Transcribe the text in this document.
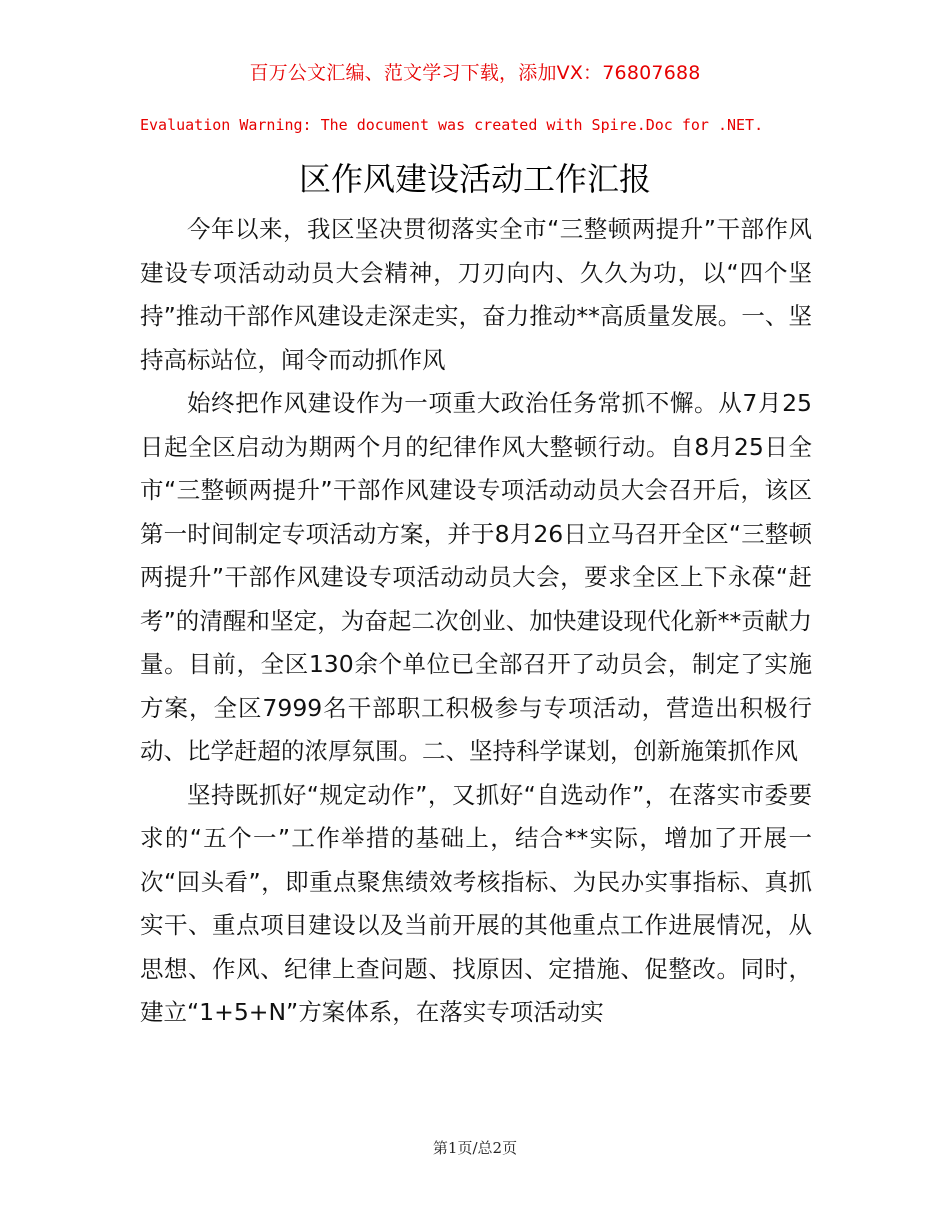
百万公文汇编、范文学习下载，添加VX：76807688
Evaluation Warning: The document was created with Spire.Doc for .NET.
区作风建设活动工作汇报

今年以来，我区坚决贯彻落实全市“三整顿两提升”干部作风建设专项活动动员大会精神，刀刃向内、久久为功，以“四个坚持”推动干部作风建设走深走实，奋力推动**高质量发展。一、坚持高标站位，闻令而动抓作风

始终把作风建设作为一项重大政治任务常抓不懈。从7月25日起全区启动为期两个月的纪律作风大整顿行动。自8月25日全市“三整顿两提升”干部作风建设专项活动动员大会召开后，该区第一时间制定专项活动方案，并于8月26日立马召开全区“三整顿两提升”干部作风建设专项活动动员大会，要求全区上下永葆“赶考”的清醒和坚定，为奋起二次创业、加快建设现代化新**贡献力量。目前，全区130余个单位已全部召开了动员会，制定了实施方案，全区7999名干部职工积极参与专项活动，营造出积极行动、比学赶超的浓厚氛围。二、坚持科学谋划，创新施策抓作风

坚持既抓好“规定动作”，又抓好“自选动作”，在落实市委要求的“五个一”工作举措的基础上，结合**实际，增加了开展一次“回头看”，即重点聚焦绩效考核指标、为民办实事指标、真抓实干、重点项目建设以及当前开展的其他重点工作进展情况，从思想、作风、纪律上查问题、找原因、定措施、促整改。同时，建立“1+5+N”方案体系，在落实专项活动实

第1页/总2页
